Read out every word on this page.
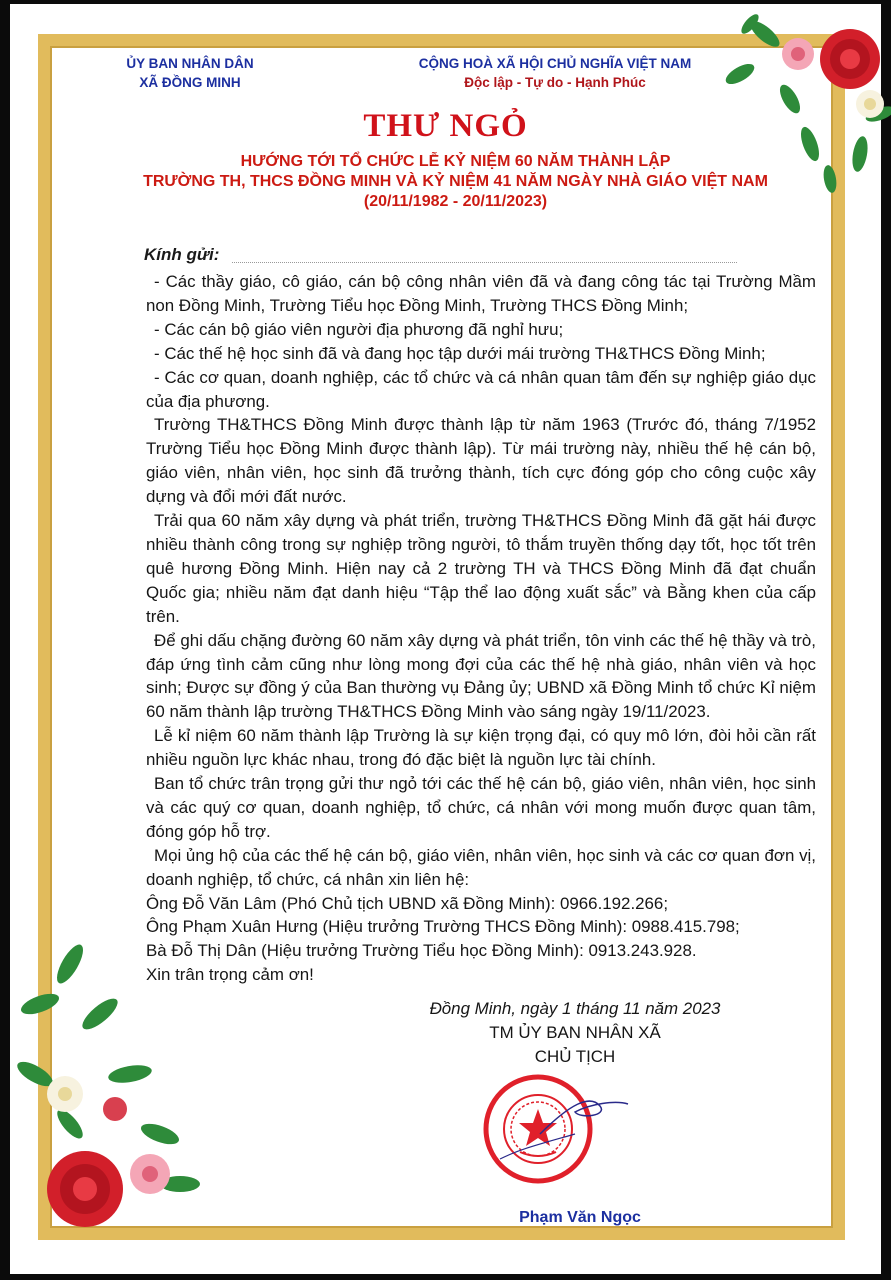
ỦY BAN NHÂN DÂN
XÃ ĐỒNG MINH
CỘNG HOÀ XÃ HỘI CHỦ NGHĨA VIỆT NAM
Độc lập - Tự do - Hạnh Phúc
THƯ NGỎ
HƯỚNG TỚI TỔ CHỨC LỄ KỶ NIỆM 60 NĂM THÀNH LẬP
TRƯỜNG TH, THCS ĐỒNG MINH VÀ KỶ NIỆM 41 NĂM NGÀY NHÀ GIÁO VIỆT NAM
(20/11/1982 - 20/11/2023)
Kính gửi:

- Các thầy giáo, cô giáo, cán bộ công nhân viên đã và đang công tác tại Trường Mầm non Đồng Minh, Trường Tiểu học Đồng Minh, Trường THCS Đồng Minh;

- Các cán bộ giáo viên người địa phương đã nghỉ hưu;

- Các thế hệ học sinh đã và đang học tập dưới mái trường TH&THCS Đồng Minh;

- Các cơ quan, doanh nghiệp, các tổ chức và cá nhân quan tâm đến sự nghiệp giáo dục của địa phương.

Trường TH&THCS Đồng Minh được thành lập từ năm 1963 (Trước đó, tháng 7/1952 Trường Tiểu học Đồng Minh được thành lập). Từ mái trường này, nhiều thế hệ cán bộ, giáo viên, nhân viên, học sinh đã trưởng thành, tích cực đóng góp cho công cuộc xây dựng và đổi mới đất nước.

Trải qua 60 năm xây dựng và phát triển, trường TH&THCS Đồng Minh đã gặt hái được nhiều thành công trong sự nghiệp trồng người, tô thắm truyền thống dạy tốt, học tốt trên quê hương Đồng Minh. Hiện nay cả 2 trường TH và THCS Đồng Minh đã đạt chuẩn Quốc gia; nhiều năm đạt danh hiệu “Tập thể lao động xuất sắc” và Bằng khen của cấp trên.

Để ghi dấu chặng đường 60 năm xây dựng và phát triển, tôn vinh các thế hệ thầy và trò, đáp ứng tình cảm cũng như lòng mong đợi của các thế hệ nhà giáo, nhân viên và học sinh; Được sự đồng ý của Ban thường vụ Đảng ủy; UBND xã Đồng Minh tổ chức Kỉ niệm 60 năm thành lập trường TH&THCS Đồng Minh vào sáng ngày 19/11/2023.

Lễ kỉ niệm 60 năm thành lập Trường là sự kiện trọng đại, có quy mô lớn, đòi hỏi cần rất nhiều nguồn lực khác nhau, trong đó đặc biệt là nguồn lực tài chính.

Ban tổ chức trân trọng gửi thư ngỏ tới các thế hệ cán bộ, giáo viên, nhân viên, học sinh và các quý cơ quan, doanh nghiệp, tổ chức, cá nhân với mong muốn được quan tâm, đóng góp hỗ trợ.

Mọi ủng hộ của các thế hệ cán bộ, giáo viên, nhân viên, học sinh và các cơ quan đơn vị, doanh nghiệp, tổ chức, cá nhân xin liên hệ:

Ông Đỗ Văn Lâm (Phó Chủ tịch UBND xã Đồng Minh): 0966.192.266;

Ông Phạm Xuân Hưng (Hiệu trưởng Trường THCS Đồng Minh): 0988.415.798;

Bà Đỗ Thị Dân (Hiệu trưởng Trường Tiểu học Đồng Minh): 0913.243.928.

Xin trân trọng cảm ơn!

Đồng Minh, ngày 1 tháng 11 năm 2023
TM ỦY BAN NHÂN XÃ
CHỦ TỊCH
Phạm Văn Ngọc
